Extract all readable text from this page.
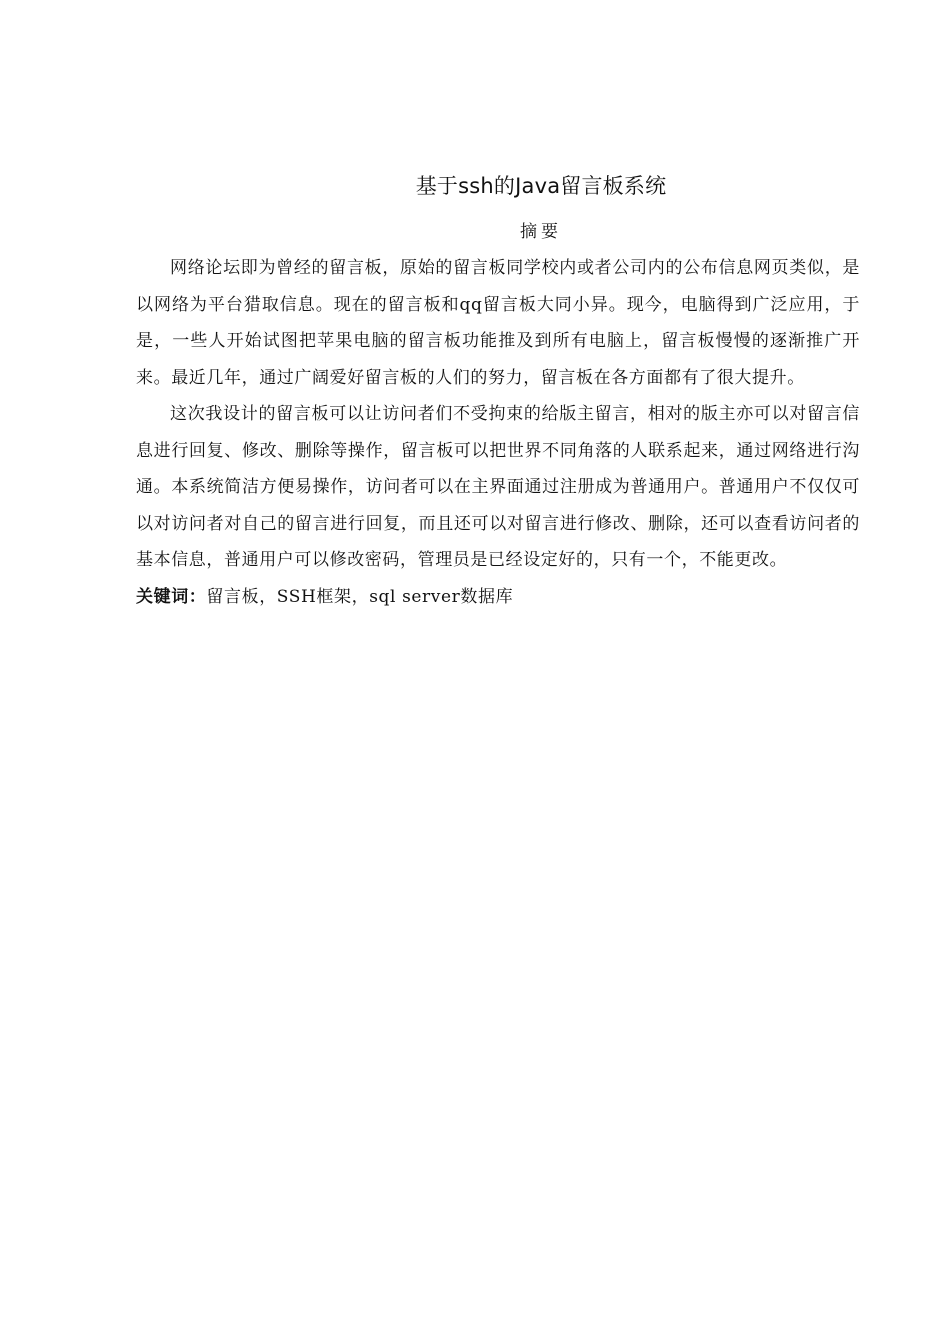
基于ssh的Java留言板系统
摘要

网络论坛即为曾经的留言板，原始的留言板同学校内或者公司内的公布信息网页类似，是以网络为平台猎取信息。现在的留言板和qq留言板大同小异。现今，电脑得到广泛应用，于是，一些人开始试图把苹果电脑的留言板功能推及到所有电脑上，留言板慢慢的逐渐推广开来。最近几年，通过广阔爱好留言板的人们的努力，留言板在各方面都有了很大提升。

这次我设计的留言板可以让访问者们不受拘束的给版主留言，相对的版主亦可以对留言信息进行回复、修改、删除等操作，留言板可以把世界不同角落的人联系起来，通过网络进行沟通。本系统简洁方便易操作，访问者可以在主界面通过注册成为普通用户。普通用户不仅仅可以对访问者对自己的留言进行回复，而且还可以对留言进行修改、删除，还可以查看访问者的基本信息，普通用户可以修改密码，管理员是已经设定好的，只有一个，不能更改。

关键词：留言板，SSH框架，sql server数据库
